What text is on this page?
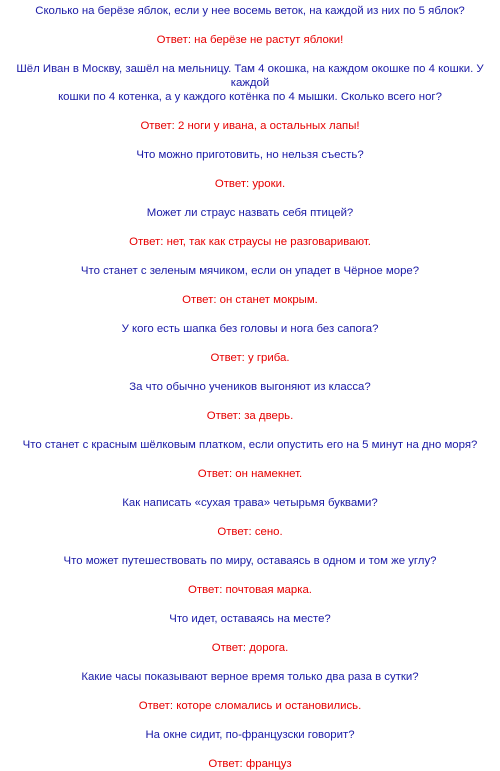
Сколько на берёзе яблок, если у нее восемь веток, на каждой из них по 5 яблок?
Ответ: на берёзе не растут яблоки!
Шёл Иван в Москву, зашёл на мельницу. Там 4 окошка, на каждом окошке по 4 кошки. У каждой
кошки по 4 котенка, а у каждого котёнка по 4 мышки. Сколько всего ног?
Ответ: 2 ноги у ивана, а остальных лапы!
Что можно приготовить, но нельзя съесть?
Ответ: уроки.
Может ли страус назвать себя птицей?
Ответ: нет, так как страусы не разговаривают.
Что станет с зеленым мячиком, если он упадет в Чёрное море?
Ответ: он станет мокрым.
У кого есть шапка без головы и нога без сапога?
Ответ: у гриба.
За что обычно учеников выгоняют из класса?
Ответ: за дверь.
Что станет с красным шёлковым платком, если опустить его на 5 минут на дно моря?
Ответ: он намекнет.
Как написать «сухая трава» четырьмя буквами?
Ответ: сено.
Что может путешествовать по миру, оставаясь в одном и том же углу?
Ответ: почтовая марка.
Что идет, оставаясь на месте?
Ответ: дорога.
Какие часы показывают верное время только два раза в сутки?
Ответ: которе сломались и остановились.
На окне сидит, по-французски говорит?
Ответ: француз
